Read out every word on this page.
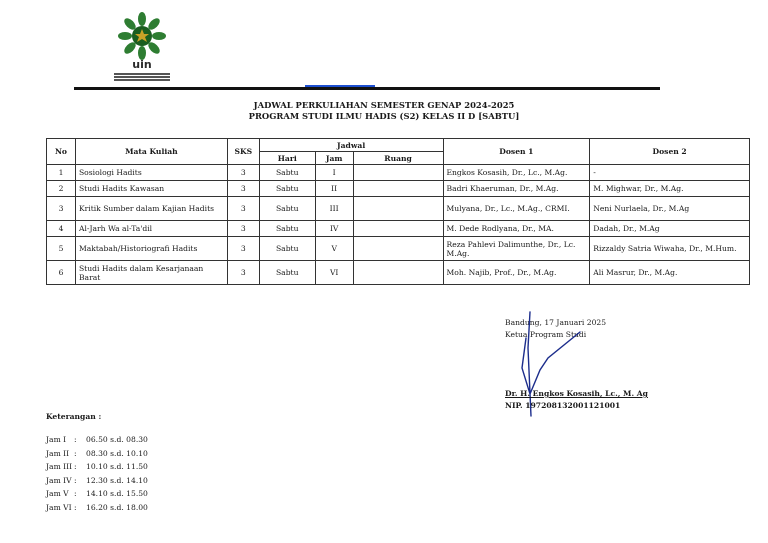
uin
JADWAL PERKULIAHAN SEMESTER GENAP 2024-2025
PROGRAM STUDI ILMU HADIS (S2) KELAS II D [SABTU]
No	Mata Kuliah	SKS	Jadwal			Dosen 1	Dosen 2
			Hari	Jam	Ruang		
1	Sosiologi Hadits	3	Sabtu	I		Engkos Kosasih, Dr., Lc., M.Ag.	-
2	Studi Hadits Kawasan	3	Sabtu	II		Badri Khaeruman, Dr., M.Ag.	M. Mighwar, Dr., M.Ag.
3	Kritik Sumber dalam Kajian Hadits	3	Sabtu	III		Mulyana, Dr., Lc., M.Ag., CRMI.	Neni Nurlaela, Dr., M.Ag
4	Al-Jarh Wa al-Ta'dil	3	Sabtu	IV		M. Dede Rodlyana, Dr., MA.	Dadah, Dr., M.Ag
5	Maktabah/Historiografi Hadits	3	Sabtu	V		Reza Pahlevi Dalimunthe, Dr., Lc. M.Ag.	Rizzaldy Satria Wiwaha, Dr., M.Hum.
6	Studi Hadits dalam Kesarjanaan Barat	3	Sabtu	VI		Moh. Najib, Prof., Dr., M.Ag.	Ali Masrur, Dr., M.Ag.
Bandung, 17 Januari 2025
Ketua Program Studi
Dr. H. Engkos Kosasih, Lc., M. Ag
NIP. 197208132001121001
Keterangan :
Jam I : 06.50 s.d. 08.30
Jam II : 08.30 s.d. 10.10
Jam III : 10.10 s.d. 11.50
Jam IV : 12.30 s.d. 14.10
Jam V : 14.10 s.d. 15.50
Jam VI : 16.20 s.d. 18.00
